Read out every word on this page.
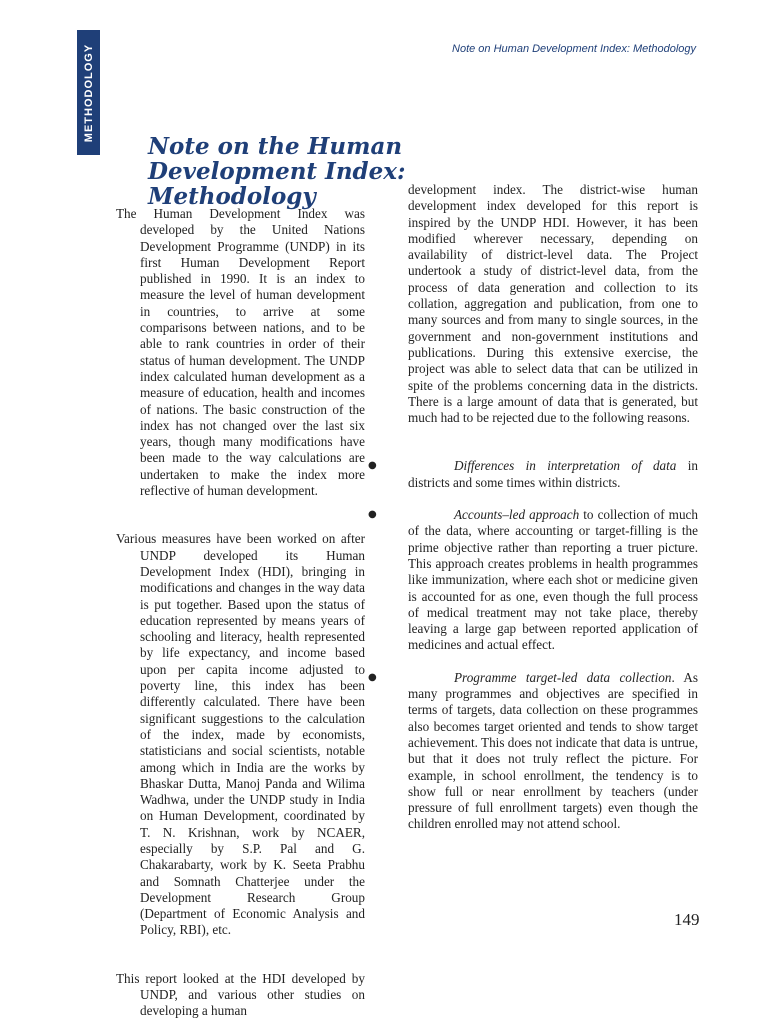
METHODOLOGY	Note on Human Development Index: Methodology
Note on the Human Development Index: Methodology

The Human Development Index was developed by the United Nations Development Programme (UNDP) in its first Human Development Report published in 1990. It is an index to measure the level of human development in countries, to arrive at some comparisons between nations, and to be able to rank countries in order of their status of human development. The UNDP index calculated human development as a measure of education, health and incomes of nations. The basic construction of the index has not changed over the last six years, though many modifications have been made to the way calculations are undertaken to make the index more reflective of human development.

Various measures have been worked on after UNDP developed its Human Development Index (HDI), bringing in modifications and changes in the way data is put together. Based upon the status of education represented by means years of schooling and literacy, health represented by life expectancy, and income based upon per capita income adjusted to poverty line, this index has been differently calculated. There have been significant suggestions to the calculation of the index, made by economists, statisticians and social scientists, notable among which in India are the works by Bhaskar Dutta, Manoj Panda and Wilima Wadhwa, under the UNDP study in India on Human Development, coordinated by T. N. Krishnan, work by NCAER, especially by S.P. Pal and G. Chakarabarty, work by K. Seeta Prabhu and Somnath Chatterjee under the Development Research Group (Department of Economic Analysis and Policy, RBI), etc.

This report looked at the HDI developed by UNDP, and various other studies on developing a human

development index. The district-wise human development index developed for this report is inspired by the UNDP HDI. However, it has been modified wherever necessary, depending on availability of district-level data. The Project undertook a study of district-level data, from the process of data generation and collection to its collation, aggregation and publication, from one to many sources and from many to single sources, in the government and non-government institutions and publications. During this extensive exercise, the project was able to select data that can be utilized in spite of the problems concerning data in the districts. There is a large amount of data that is generated, but much had to be rejected due to the following reasons.

●	Differences in interpretation of data in districts and some times within districts.
●	Accounts–led approach to collection of much of the data, where accounting or target-filling is the prime objective rather than reporting a truer picture. This approach creates problems in health programmes like immunization, where each shot or medicine given is accounted for as one, even though the full process of medical treatment may not take place, thereby leaving a large gap between reported application of medicines and actual effect.
●	Programme target-led data collection. As many programmes and objectives are specified in terms of targets, data collection on these programmes also becomes target oriented and tends to show target achievement. This does not indicate that data is untrue, but that it does not truly reflect the picture. For example, in school enrollment, the tendency is to show full or near enrollment by teachers (under pressure of full enrollment targets) even though the children enrolled may not attend school.
149
